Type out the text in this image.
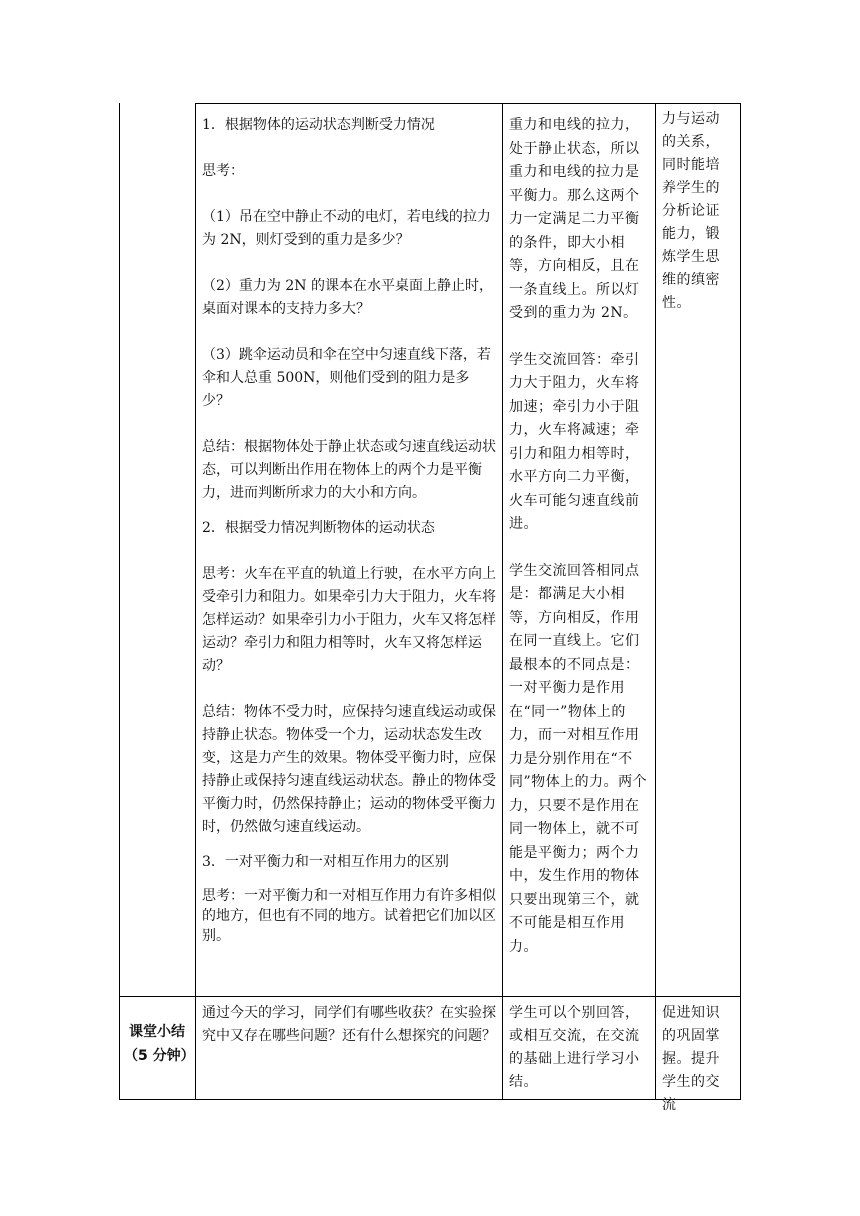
1．根据物体的运动状态判断受力情况

思考：

（1）吊在空中静止不动的电灯，若电线的拉力为 2N，则灯受到的重力是多少？

（2）重力为 2N 的课本在水平桌面上静止时，桌面对课本的支持力多大？

（3）跳伞运动员和伞在空中匀速直线下落，若伞和人总重 500N，则他们受到的阻力是多少？

总结：根据物体处于静止状态或匀速直线运动状态，可以判断出作用在物体上的两个力是平衡力，进而判断所求力的大小和方向。

2．根据受力情况判断物体的运动状态

思考：火车在平直的轨道上行驶，在水平方向上受牵引力和阻力。如果牵引力大于阻力，火车将怎样运动？如果牵引力小于阻力，火车又将怎样运动？牵引力和阻力相等时，火车又将怎样运动？

总结：物体不受力时，应保持匀速直线运动或保持静止状态。物体受一个力，运动状态发生改变，这是力产生的效果。物体受平衡力时，应保持静止或保持匀速直线运动状态。静止的物体受平衡力时，仍然保持静止；运动的物体受平衡力时，仍然做匀速直线运动。

3．一对平衡力和一对相互作用力的区别

思考：一对平衡力和一对相互作用力有许多相似的地方，但也有不同的地方。试着把它们加以区别。

重力和电线的拉力，处于静止状态，所以重力和电线的拉力是平衡力。那么这两个力一定满足二力平衡的条件，即大小相等，方向相反，且在一条直线上。所以灯受到的重力为 2N。

学生交流回答：牵引力大于阻力，火车将加速；牵引力小于阻力，火车将减速；牵引力和阻力相等时，水平方向二力平衡，火车可能匀速直线前进。

学生交流回答相同点是：都满足大小相等，方向相反，作用在同一直线上。它们最根本的不同点是：一对平衡力是作用在“同一”物体上的力，而一对相互作用力是分别作用在“不同”物体上的力。两个力，只要不是作用在同一物体上，就不可能是平衡力；两个力中，发生作用的物体只要出现第三个，就不可能是相互作用力。

力与运动的关系，同时能培养学生的分析论证能力，锻炼学生思维的缜密性。

课堂小结（5 分钟）

通过今天的学习，同学们有哪些收获？在实验探究中又存在哪些问题？还有什么想探究的问题？

学生可以个别回答，或相互交流，在交流的基础上进行学习小结。

促进知识的巩固掌握。提升学生的交流
